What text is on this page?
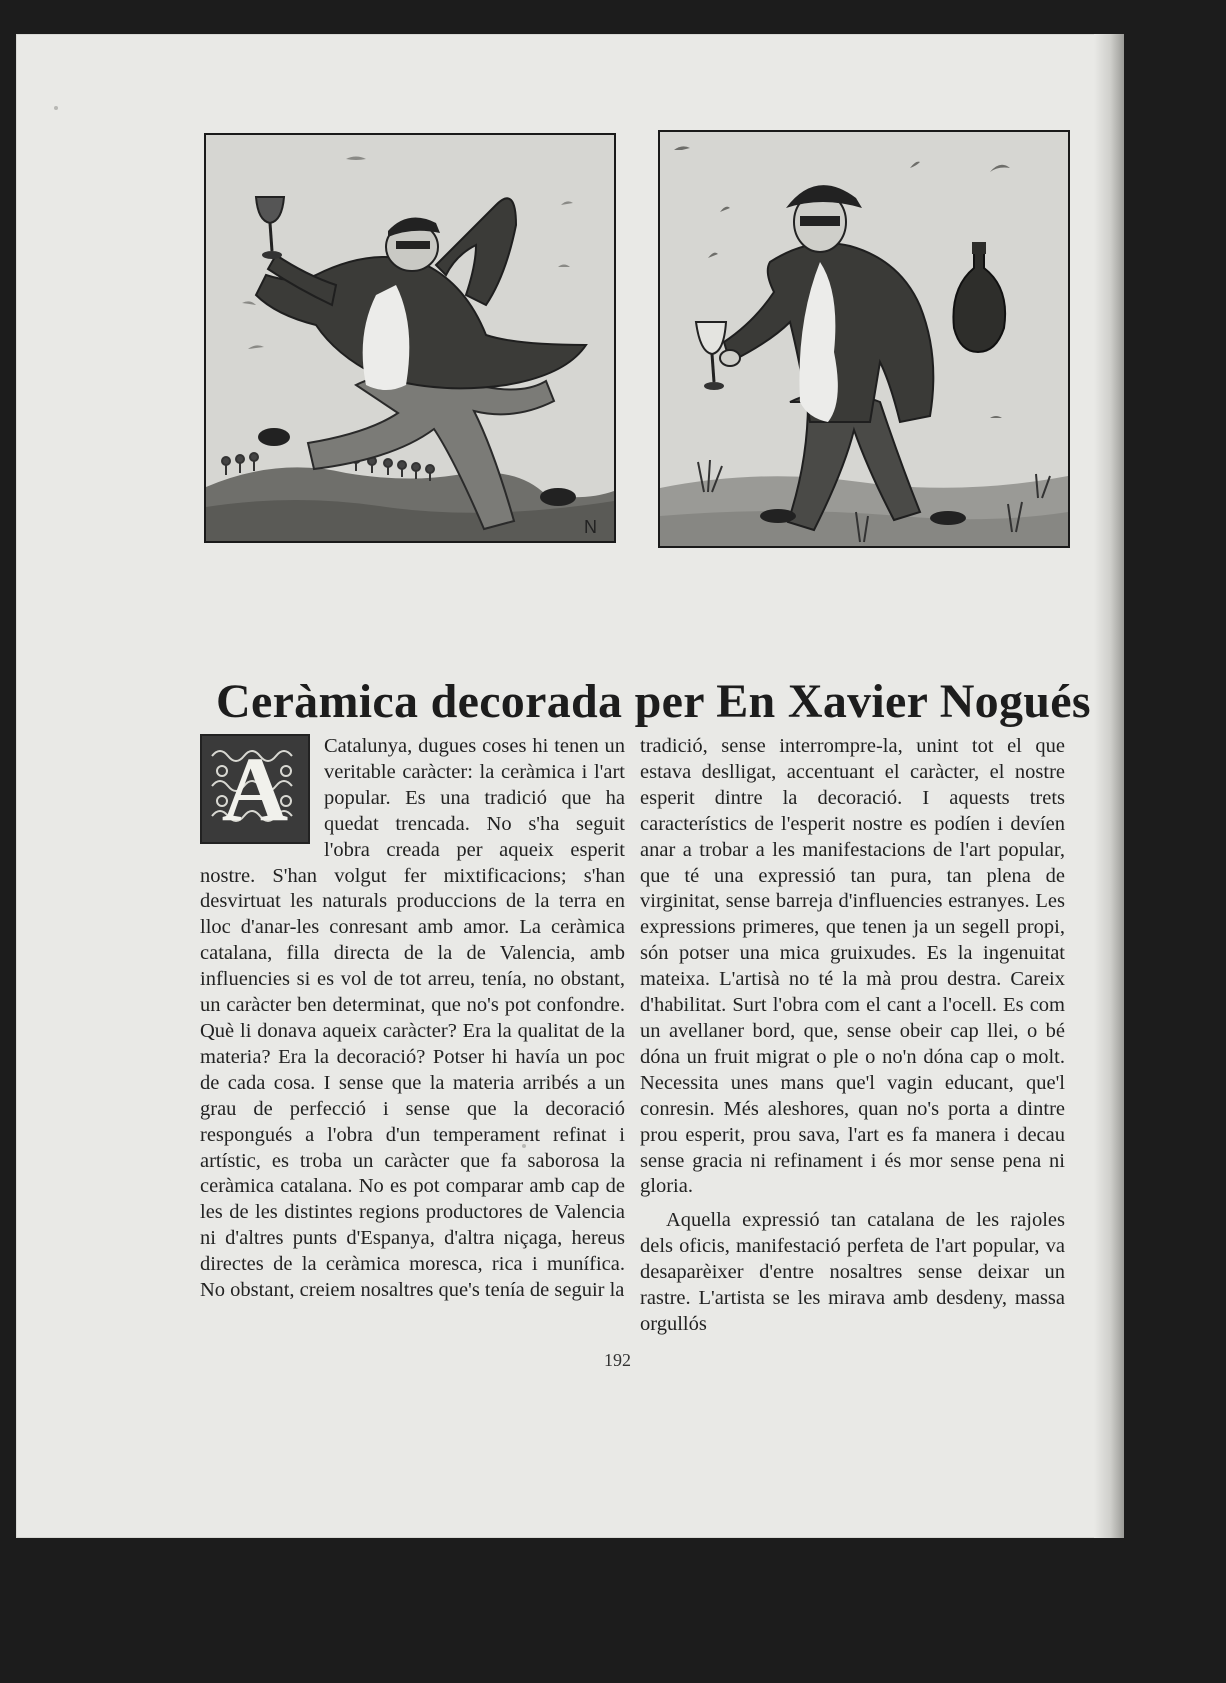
N
Ceràmica decorada per En Xavier Nogués
A	Catalunya, dugues coses hi tenen un veritable caràcter: la ceràmica i l'art popular. Es una tradició que ha quedat trencada. No s'ha seguit l'obra creada per aqueix esperit nostre. S'han volgut fer mixtificacions; s'han desvirtuat les naturals produccions de la terra en lloc d'anar-les conresant amb amor. La ceràmica catalana, filla directa de la de Valencia, amb influencies si es vol de tot arreu, tenía, no obstant, un caràcter ben determinat, que no's pot confondre. Què li donava aqueix caràcter? Era la qualitat de la materia? Era la decoració? Potser hi havía un poc de cada cosa. I sense que la materia arribés a un grau de perfecció i sense que la decoració respongués a l'obra d'un temperament refinat i artístic, es troba un caràcter que fa saborosa la ceràmica catalana. No es pot comparar amb cap de les de les distintes regions productores de Valencia ni d'altres punts d'Espanya, d'altra niçaga, hereus directes de la ceràmica moresca, rica i munífica. No obstant, creiem nosaltres que's tenía de seguir la

tradició, sense interrompre-la, unint tot el que estava deslligat, accentuant el caràcter, el nostre esperit dintre la decoració. I aquests trets característics de l'esperit nostre es podíen i devíen anar a trobar a les manifestacions de l'art popular, que té una expressió tan pura, tan plena de virginitat, sense barreja d'influencies estranyes. Les expressions primeres, que tenen ja un segell propi, són potser una mica gruixudes. Es la ingenuitat mateixa. L'artisà no té la mà prou destra. Careix d'habilitat. Surt l'obra com el cant a l'ocell. Es com un avellaner bord, que, sense obeir cap llei, o bé dóna un fruit migrat o ple o no'n dóna cap o molt. Necessita unes mans que'l vagin educant, que'l conresin. Més aleshores, quan no's porta a dintre prou esperit, prou sava, l'art es fa manera i decau sense gracia ni refinament i és mor sense pena ni gloria.

Aquella expressió tan catalana de les rajoles dels oficis, manifestació perfeta de l'art popular, va desaparèixer d'entre nosaltres sense deixar un rastre. L'artista se les mirava amb desdeny, massa orgullós

192
